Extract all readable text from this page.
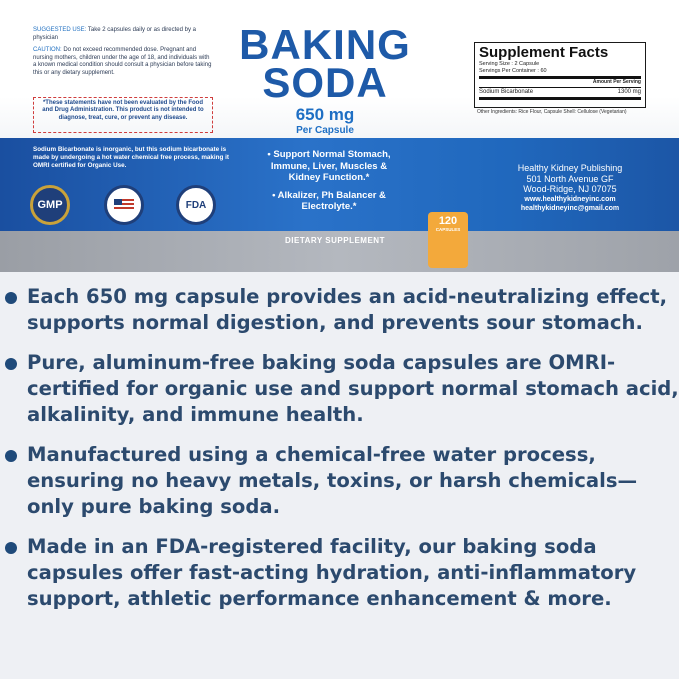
SUGGESTED USE: Take 2 capsules daily or as directed by a physician

CAUTION: Do not exceed recommended dose. Pregnant and nursing mothers, children under the age of 18, and individuals with a known medical condition should consult a physician before taking this or any dietary supplement.

*These statements have not been evaluated by the Food and Drug Administration. This product is not intended to diagnose, treat, cure, or prevent any disease.
BAKING
SODA
650 mg
Per Capsule
Supplement Facts
Serving Size : 2 Capsule
Servings Per Container : 60
Amount Per Serving
Sodium Bicarbonate	1300 mg
Other Ingredients: Rice Flour, Capsule Shell: Cellulose (Vegetarian)
Sodium Bicarbonate is inorganic, but this sodium bicarbonate is made by undergoing a hot water chemical free process, making it OMRI certified for Organic Use.
GMP	FDA

• Support Normal Stomach, Immune, Liver, Muscles & Kidney Function.*

• Alkalizer, Ph Balancer & Electrolyte.*

Healthy Kidney Publishing
501 North Avenue GF
Wood-Ridge, NJ 07075
www.healthykidneyinc.com
healthykidneyinc@gmail.com
DIETARY SUPPLEMENT
120
CAPSULES
Each 650 mg capsule provides an acid-neutralizing effect, supports normal digestion, and prevents sour stomach.
Pure, aluminum-free baking soda capsules are OMRI-certified for organic use and support normal stomach acid, alkalinity, and immune health.
Manufactured using a chemical-free water process, ensuring no heavy metals, toxins, or harsh chemicals—only pure baking soda.
Made in an FDA-registered facility, our baking soda capsules offer fast-acting hydration, anti-inflammatory support, athletic performance enhancement & more.
